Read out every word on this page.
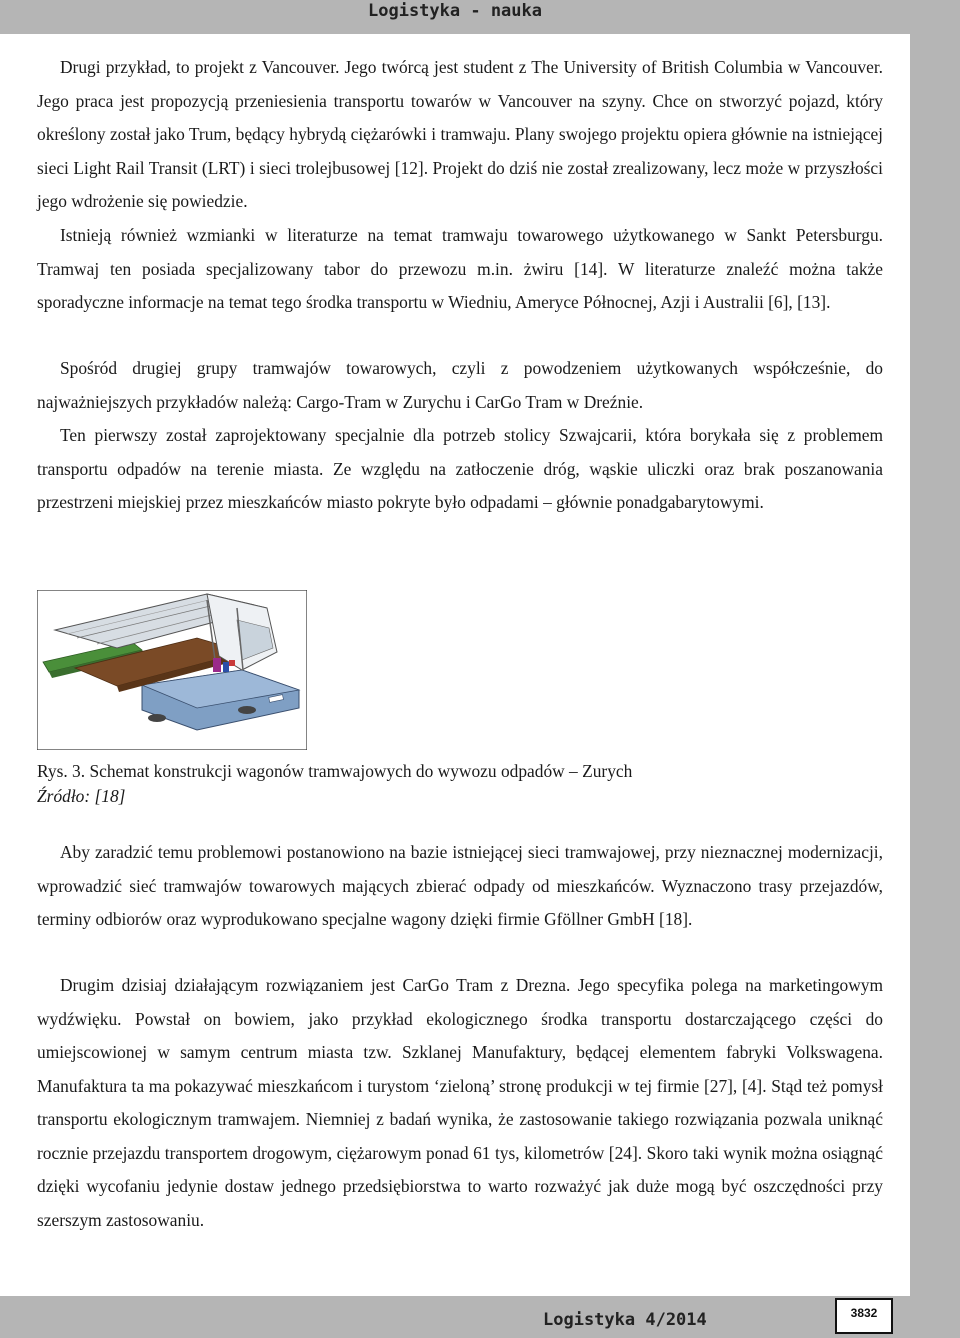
Logistyka - nauka

Drugi przykład, to projekt z Vancouver. Jego twórcą jest student z The University of British Columbia w Vancouver. Jego praca jest propozycją przeniesienia transportu towarów w Vancouver na szyny. Chce on stworzyć pojazd, który określony został jako Trum, będący hybrydą ciężarówki i tramwaju. Plany swojego projektu opiera głównie na istniejącej sieci Light Rail Transit (LRT) i sieci trolejbusowej [12]. Projekt do dziś nie został zrealizowany, lecz może w przyszłości jego wdrożenie się powiedzie.

Istnieją również wzmianki w literaturze na temat tramwaju towarowego użytkowanego w Sankt Petersburgu. Tramwaj ten posiada specjalizowany tabor do przewozu m.in. żwiru [14]. W literaturze znaleźć można także sporadyczne informacje na temat tego środka transportu w Wiedniu, Ameryce Północnej, Azji i Australii [6], [13].

Spośród drugiej grupy tramwajów towarowych, czyli z powodzeniem użytkowanych współcześnie, do najważniejszych przykładów należą: Cargo-Tram w Zurychu i CarGo Tram w Dreźnie.

Ten pierwszy został zaprojektowany specjalnie dla potrzeb stolicy Szwajcarii, która borykała się z problemem transportu odpadów na terenie miasta. Ze względu na zatłoczenie dróg, wąskie uliczki oraz brak poszanowania przestrzeni miejskiej przez mieszkańców miasto pokryte było odpadami – głównie ponadgabarytowymi.

Rys. 3. Schemat konstrukcji wagonów tramwajowych do wywozu odpadów – Zurych

Źródło: [18]

Aby zaradzić temu problemowi postanowiono na bazie istniejącej sieci tramwajowej, przy nieznacznej modernizacji, wprowadzić sieć tramwajów towarowych mających zbierać odpady od mieszkańców. Wyznaczono trasy przejazdów, terminy odbiorów oraz wyprodukowano specjalne wagony dzięki firmie Gföllner GmbH [18].

Drugim dzisiaj działającym rozwiązaniem jest CarGo Tram z Drezna. Jego specyfika polega na marketingowym wydźwięku. Powstał on bowiem, jako przykład ekologicznego środka transportu dostarczającego części do umiejscowionej w samym centrum miasta tzw. Szklanej Manufaktury, będącej elementem fabryki Volkswagena. Manufaktura ta ma pokazywać mieszkańcom i turystom ‘zieloną’ stronę produkcji w tej firmie [27], [4]. Stąd też pomysł transportu ekologicznym tramwajem. Niemniej z badań wynika, że zastosowanie takiego rozwiązania pozwala uniknąć rocznie przejazdu transportem drogowym, ciężarowym ponad 61 tys, kilometrów [24]. Skoro taki wynik można osiągnąć dzięki wycofaniu jedynie dostaw jednego przedsiębiorstwa to warto rozważyć jak duże mogą być oszczędności przy szerszym zastosowaniu.

Logistyka 4/2014	3832
